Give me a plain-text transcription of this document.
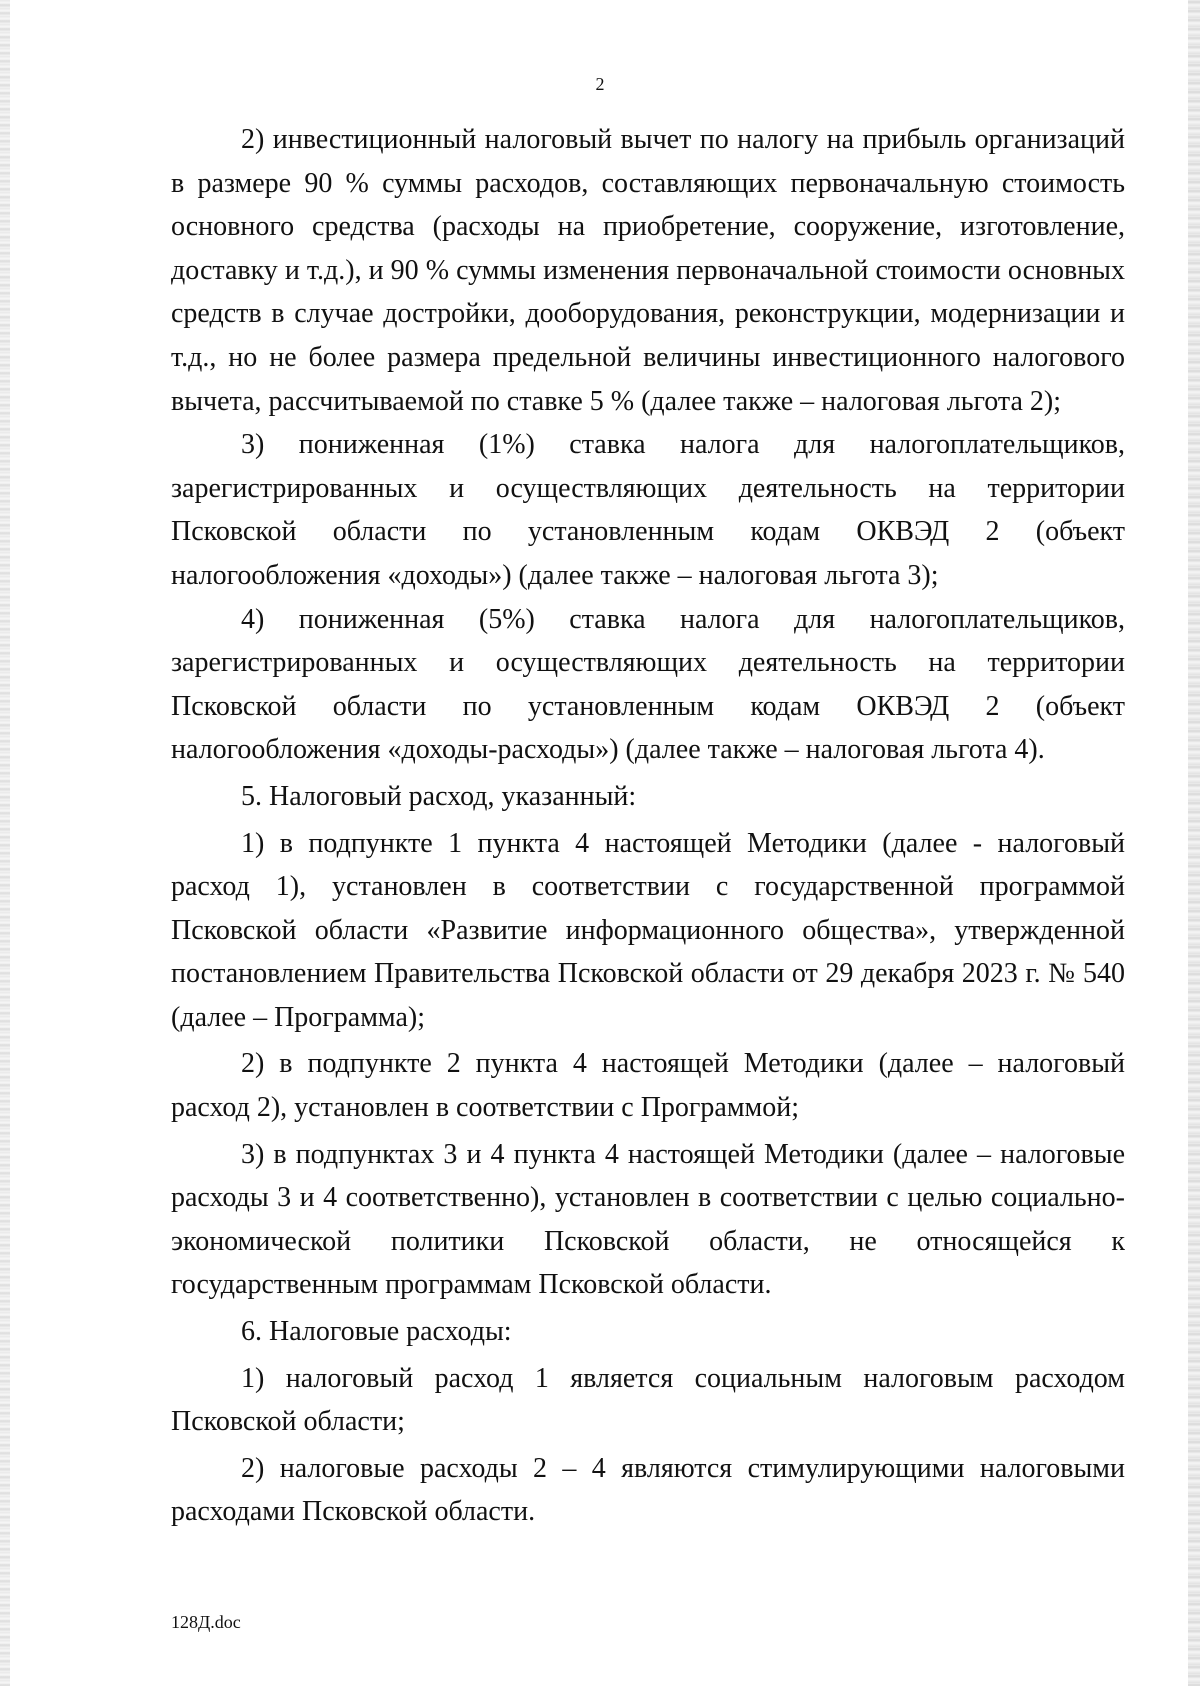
2

2) инвестиционный налоговый вычет по налогу на прибыль организаций в размере 90 % суммы расходов, составляющих первоначальную стоимость основного средства (расходы на приобретение, сооружение, изготовление, доставку и т.д.), и 90 % суммы изменения первоначальной стоимости основных средств в случае достройки, дооборудования, реконструкции, модернизации и т.д., но не более размера предельной величины инвестиционного налогового вычета, рассчитываемой по ставке 5 % (далее также – налоговая льгота 2);

3) пониженная (1%) ставка налога для налогоплательщиков, зарегистрированных и осуществляющих деятельность на территории Псковской области по установленным кодам ОКВЭД 2 (объект налогообложения «доходы») (далее также – налоговая льгота 3);

4) пониженная (5%) ставка налога для налогоплательщиков, зарегистрированных и осуществляющих деятельность на территории Псковской области по установленным кодам ОКВЭД 2 (объект налогообложения «доходы-расходы») (далее также – налоговая льгота 4).

5. Налоговый расход, указанный:

1) в подпункте 1 пункта 4 настоящей Методики (далее - налоговый расход 1), установлен в соответствии с государственной программой Псковской области «Развитие информационного общества», утвержденной постановлением Правительства Псковской области от 29 декабря 2023 г. № 540 (далее – Программа);

2) в подпункте 2 пункта 4 настоящей Методики (далее – налоговый расход 2), установлен в соответствии с Программой;

3) в подпунктах 3 и 4 пункта 4 настоящей Методики (далее – налоговые расходы 3 и 4 соответственно), установлен в соответствии с целью социально-экономической политики Псковской области, не относящейся к государственным программам Псковской области.

6. Налоговые расходы:

1) налоговый расход 1 является социальным налоговым расходом Псковской области;

2) налоговые расходы 2 – 4 являются стимулирующими налоговыми расходами Псковской области.

128Д.doc
